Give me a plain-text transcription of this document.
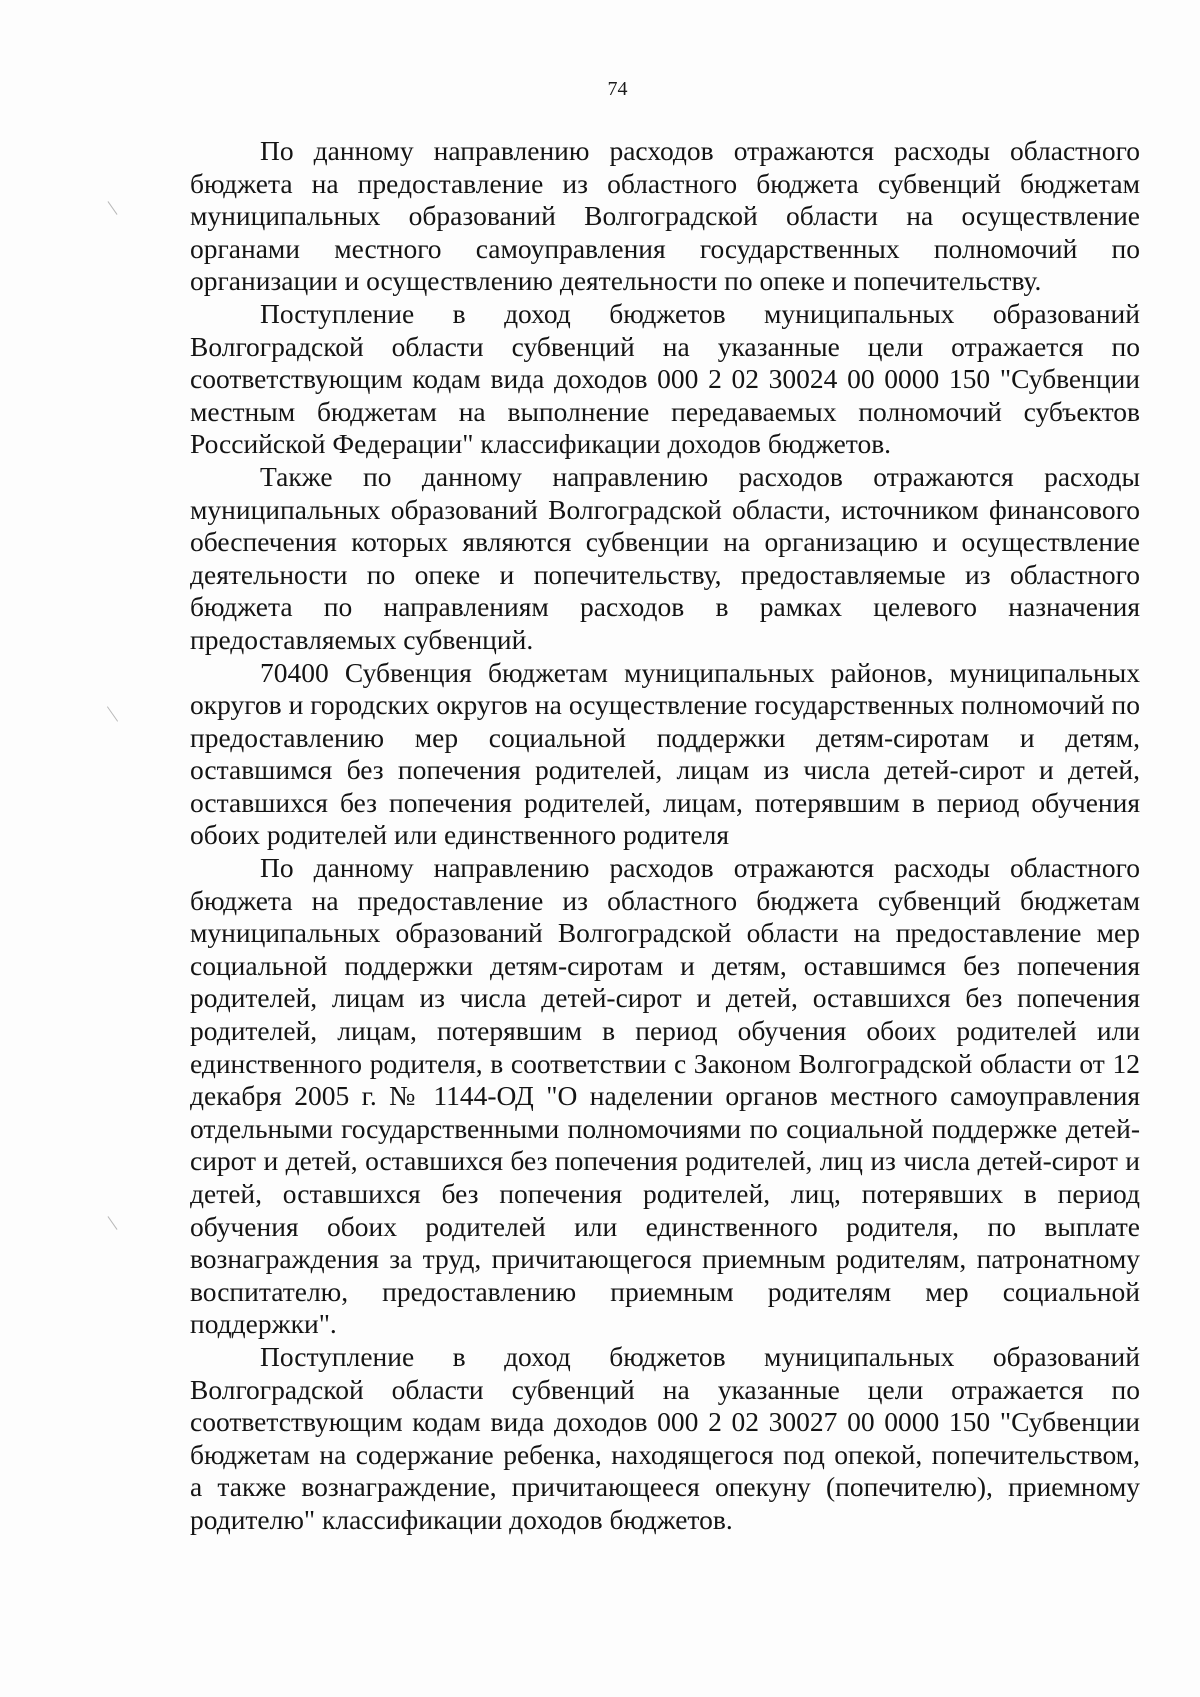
74

По данному направлению расходов отражаются расходы областного бюджета на предоставление из областного бюджета субвенций бюджетам муниципальных образований Волгоградской области на осуществление органами местного самоуправления государственных полномочий по организации и осуществлению деятельности по опеке и попечительству.

Поступление в доход бюджетов муниципальных образований Волгоградской области субвенций на указанные цели отражается по соответствующим кодам вида доходов 000 2 02 30024 00 0000 150 "Субвенции местным бюджетам на выполнение передаваемых полномочий субъектов Российской Федерации" классификации доходов бюджетов.

Также по данному направлению расходов отражаются расходы муниципальных образований Волгоградской области, источником финансового обеспечения которых являются субвенции на организацию и осуществление деятельности по опеке и попечительству, предоставляемые из областного бюджета по направлениям расходов в рамках целевого назначения предоставляемых субвенций.

70400 Субвенция бюджетам муниципальных районов, муниципальных округов и городских округов на осуществление государственных полномочий по предоставлению мер социальной поддержки детям-сиротам и детям, оставшимся без попечения родителей, лицам из числа детей-сирот и детей, оставшихся без попечения родителей, лицам, потерявшим в период обучения обоих родителей или единственного родителя

По данному направлению расходов отражаются расходы областного бюджета на предоставление из областного бюджета субвенций бюджетам муниципальных образований Волгоградской области на предоставление мер социальной поддержки детям-сиротам и детям, оставшимся без попечения родителей, лицам из числа детей-сирот и детей, оставшихся без попечения родителей, лицам, потерявшим в период обучения обоих родителей или единственного родителя, в соответствии с Законом Волгоградской области от 12 декабря 2005 г. № 1144-ОД "О наделении органов местного самоуправления отдельными государственными полномочиями по социальной поддержке детей-сирот и детей, оставшихся без попечения родителей, лиц из числа детей-сирот и детей, оставшихся без попечения родителей, лиц, потерявших в период обучения обоих родителей или единственного родителя, по выплате вознаграждения за труд, причитающегося приемным родителям, патронатному воспитателю, предоставлению приемным родителям мер социальной поддержки".

Поступление в доход бюджетов муниципальных образований Волгоградской области субвенций на указанные цели отражается по соответствующим кодам вида доходов 000 2 02 30027 00 0000 150 "Субвенции бюджетам на содержание ребенка, находящегося под опекой, попечительством, а также вознаграждение, причитающееся опекуну (попечителю), приемному родителю" классификации доходов бюджетов.
